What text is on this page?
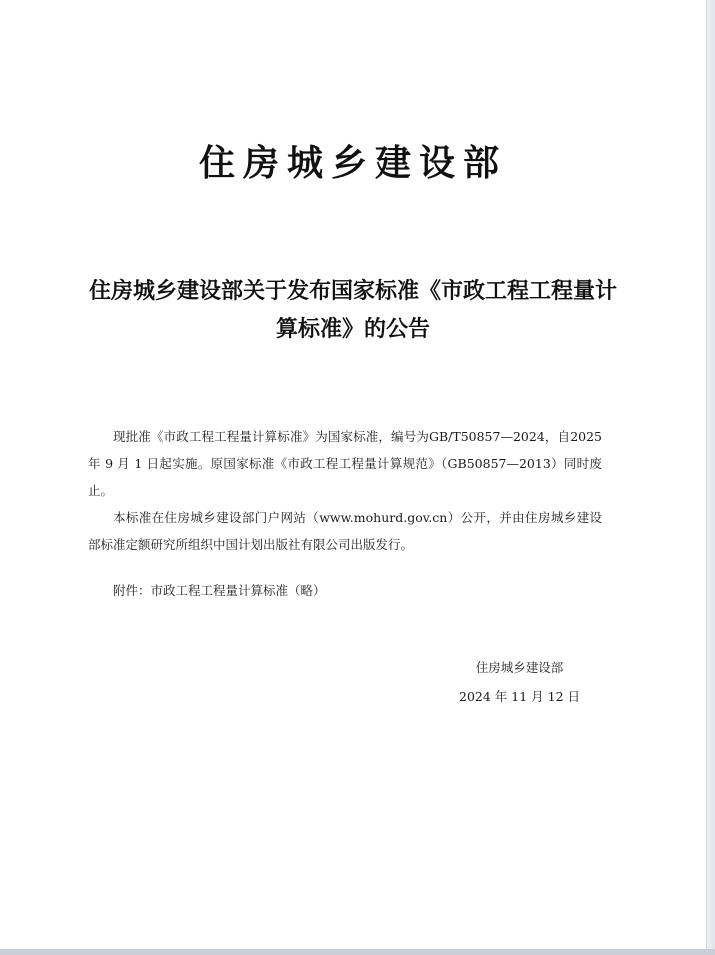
住房城乡建设部
住房城乡建设部关于发布国家标准《市政工程工程量计
算标准》的公告

现批准《市政工程工程量计算标准》为国家标准，编号为GB/T50857—2024，自2025 年 9 月 1 日起实施。原国家标准《市政工程工程量计算规范》（GB50857—2013）同时废止。

本标准在住房城乡建设部门户网站（www.mohurd.gov.cn）公开，并由住房城乡建设部标准定额研究所组织中国计划出版社有限公司出版发行。

附件：市政工程工程量计算标准（略）
住房城乡建设部
2024 年 11 月 12 日
